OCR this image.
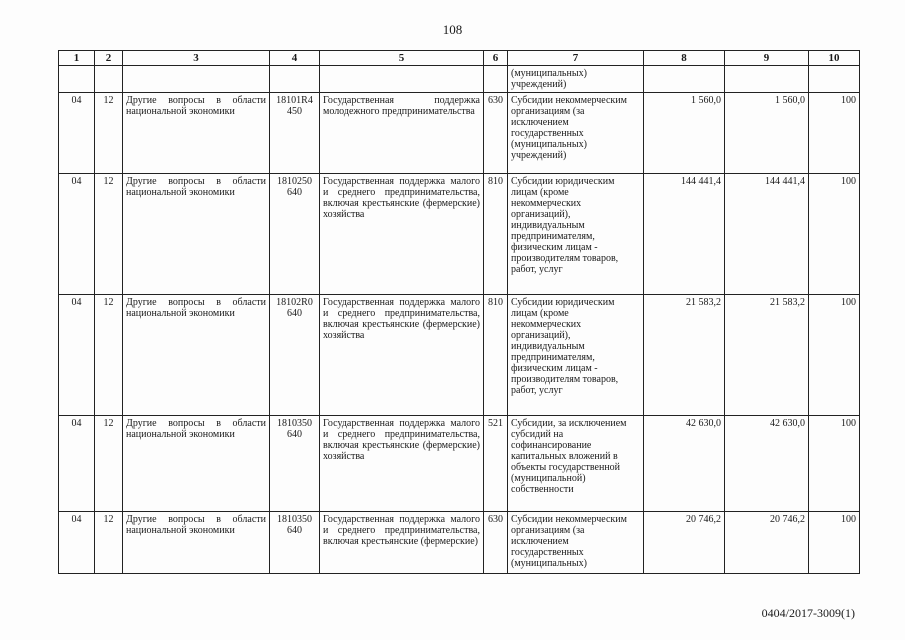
108
1	2	3	4	5	6	7	8	9	10
						(муниципальных) учреждений)			
04	12	Другие вопросы в области национальной экономики	18101R4 450	Государственная поддержка молодежного предпринимательства	630	Субсидии некоммерческим организациям (за исключением государственных (муниципальных) учреждений)	1 560,0	1 560,0	100
04	12	Другие вопросы в области национальной экономики	1810250 640	Государственная поддержка малого и среднего предпринимательства, включая крестьянские (фермерские) хозяйства	810	Субсидии юридическим лицам (кроме некоммерческих организаций), индивидуальным предпринимателям, физическим лицам - производителям товаров, работ, услуг	144 441,4	144 441,4	100
04	12	Другие вопросы в области национальной экономики	18102R0 640	Государственная поддержка малого и среднего предпринимательства, включая крестьянские (фермерские) хозяйства	810	Субсидии юридическим лицам (кроме некоммерческих организаций), индивидуальным предпринимателям, физическим лицам - производителям товаров, работ, услуг	21 583,2	21 583,2	100
04	12	Другие вопросы в области национальной экономики	1810350 640	Государственная поддержка малого и среднего предпринимательства, включая крестьянские (фермерские) хозяйства	521	Субсидии, за исключением субсидий на софинансирование капитальных вложений в объекты государственной (муниципальной) собственности	42 630,0	42 630,0	100
04	12	Другие вопросы в области национальной экономики	1810350 640	Государственная поддержка малого и среднего предпринимательства, включая крестьянские (фермерские)	630	Субсидии некоммерческим организациям (за исключением государственных (муниципальных)	20 746,2	20 746,2	100
0404/2017-3009(1)
